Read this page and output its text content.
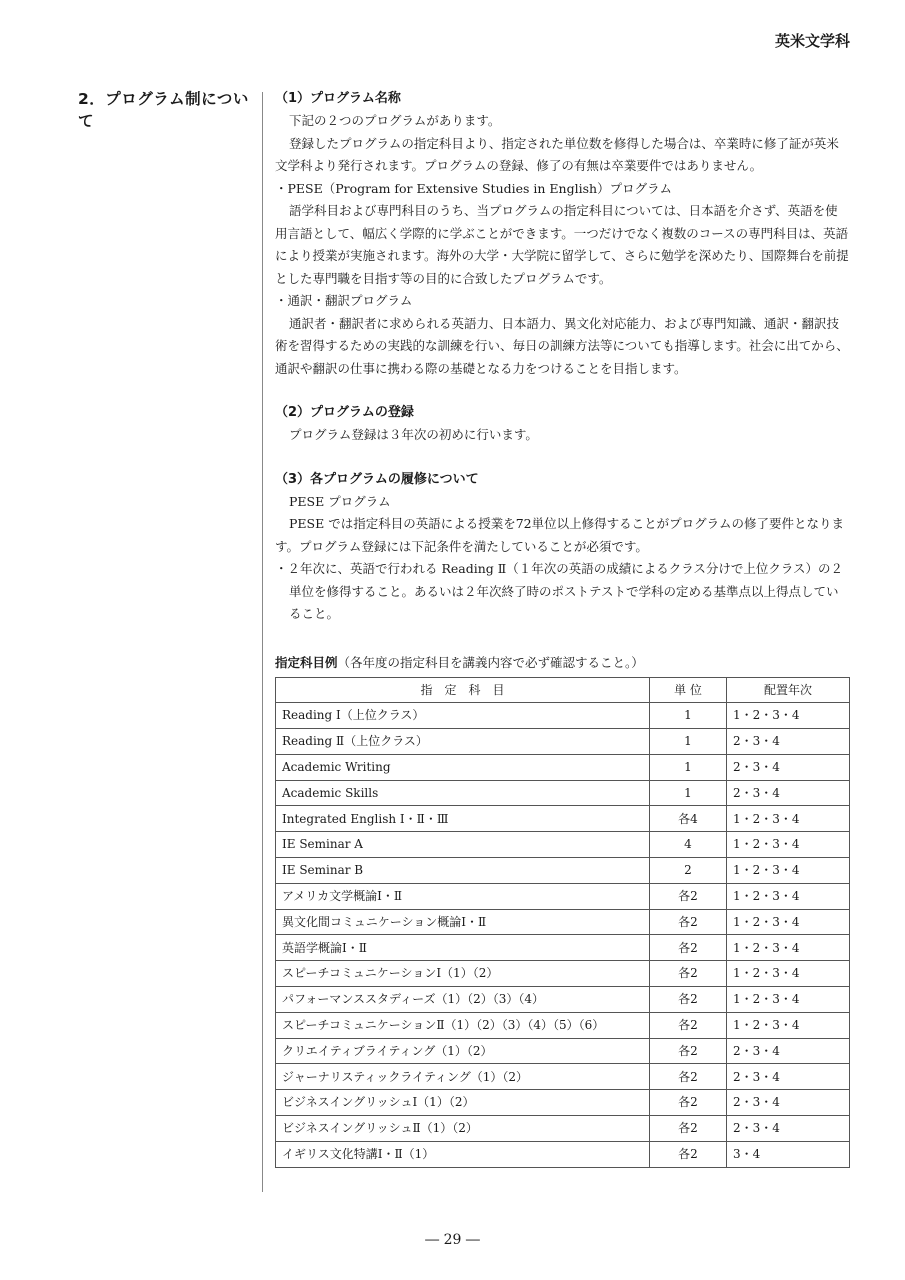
英米文学科
2．プログラム制について
（1）プログラム名称

下記の２つのプログラムがあります。

登録したプログラムの指定科目より、指定された単位数を修得した場合は、卒業時に修了証が英米文学科より発行されます。プログラムの登録、修了の有無は卒業要件ではありません。

・PESE（Program for Extensive Studies in English）プログラム

語学科目および専門科目のうち、当プログラムの指定科目については、日本語を介さず、英語を使用言語として、幅広く学際的に学ぶことができます。一つだけでなく複数のコースの専門科目は、英語により授業が実施されます。海外の大学・大学院に留学して、さらに勉学を深めたり、国際舞台を前提とした専門職を目指す等の目的に合致したプログラムです。

・通訳・翻訳プログラム

通訳者・翻訳者に求められる英語力、日本語力、異文化対応能力、および専門知識、通訳・翻訳技術を習得するための実践的な訓練を行い、毎日の訓練方法等についても指導します。社会に出てから、通訳や翻訳の仕事に携わる際の基礎となる力をつけることを目指します。

（2）プログラムの登録

プログラム登録は３年次の初めに行います。

（3）各プログラムの履修について

PESE プログラム

PESE では指定科目の英語による授業を72単位以上修得することがプログラムの修了要件となります。プログラム登録には下記条件を満たしていることが必須です。

・２年次に、英語で行われる Reading Ⅱ（１年次の英語の成績によるクラス分けで上位クラス）の２単位を修得すること。あるいは２年次終了時のポストテストで学科の定める基準点以上得点していること。

指定科目例（各年度の指定科目を講義内容で必ず確認すること。）
指　定　科　目	単 位	配置年次
Reading Ⅰ（上位クラス）	1	1・2・3・4
Reading Ⅱ（上位クラス）	1	2・3・4
Academic Writing	1	2・3・4
Academic Skills	1	2・3・4
Integrated English Ⅰ・Ⅱ・Ⅲ	各4	1・2・3・4
IE Seminar A	4	1・2・3・4
IE Seminar B	2	1・2・3・4
アメリカ文学概論Ⅰ・Ⅱ	各2	1・2・3・4
異文化間コミュニケーション概論Ⅰ・Ⅱ	各2	1・2・3・4
英語学概論Ⅰ・Ⅱ	各2	1・2・3・4
スピーチコミュニケーションⅠ（1）（2）	各2	1・2・3・4
パフォーマンススタディーズ（1）（2）（3）（4）	各2	1・2・3・4
スピーチコミュニケーションⅡ（1）（2）（3）（4）（5）（6）	各2	1・2・3・4
クリエイティブライティング（1）（2）	各2	2・3・4
ジャーナリスティックライティング（1）（2）	各2	2・3・4
ビジネスイングリッシュⅠ（1）（2）	各2	2・3・4
ビジネスイングリッシュⅡ（1）（2）	各2	2・3・4
イギリス文化特講Ⅰ・Ⅱ（1）	各2	3・4
― 29 ―
